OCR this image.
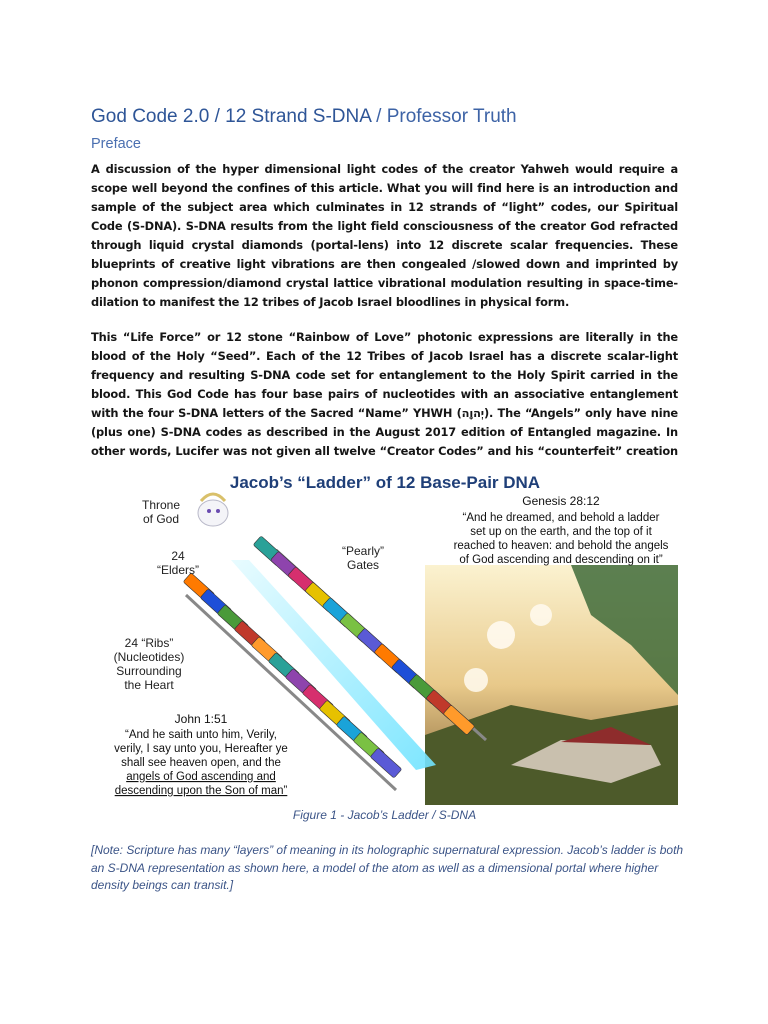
God Code 2.0 / 12 Strand S-DNA / Professor Truth
Preface

A discussion of the hyper dimensional light codes of the creator Yahweh would require a scope well beyond the confines of this article. What you will find here is an introduction and sample of the subject area which culminates in 12 strands of “light” codes, our Spiritual Code (S-DNA). S-DNA results from the light field consciousness of the creator God refracted through liquid crystal diamonds (portal-lens) into 12 discrete scalar frequencies. These blueprints of creative light vibrations are then congealed /slowed down and imprinted by phonon compression/diamond crystal lattice vibrational modulation resulting in space-time-dilation to manifest the 12 tribes of Jacob Israel bloodlines in physical form.

This “Life Force” or 12 stone “Rainbow of Love” photonic expressions are literally in the blood of the Holy “Seed”. Each of the 12 Tribes of Jacob Israel has a discrete scalar-light frequency and resulting S-DNA code set for entanglement to the Holy Spirit carried in the blood. This God Code has four base pairs of nucleotides with an associative entanglement with the four S-DNA letters of the Sacred “Name” YHWH (יְהוָה). The “Angels” only have nine (plus one) S-DNA codes as described in the August 2017 edition of Entangled magazine. In other words, Lucifer was not given all twelve “Creator Codes” and his “counterfeit” creation

Jacob’s “Ladder” of 12 Base-Pair DNA
Throne
of God
24
“Elders”
“Pearly”
Gates
24 “Ribs”
(Nucleotides)
Surrounding
the Heart
Genesis 28:12
“And he dreamed, and behold a ladder
set up on the earth, and the top of it
reached to heaven: and behold the angels
of God ascending and descending on it”
John 1:51
“And he saith unto him, Verily,
verily, I say unto you, Hereafter ye
shall see heaven open, and the
angels of God ascending and
descending upon the Son of man”
Figure 1 - Jacob’s Ladder / S-DNA

[Note: Scripture has many “layers” of meaning in its holographic supernatural expression. Jacob’s ladder is both an S-DNA representation as shown here, a model of the atom as well as a dimensional portal where higher density beings can transit.]
